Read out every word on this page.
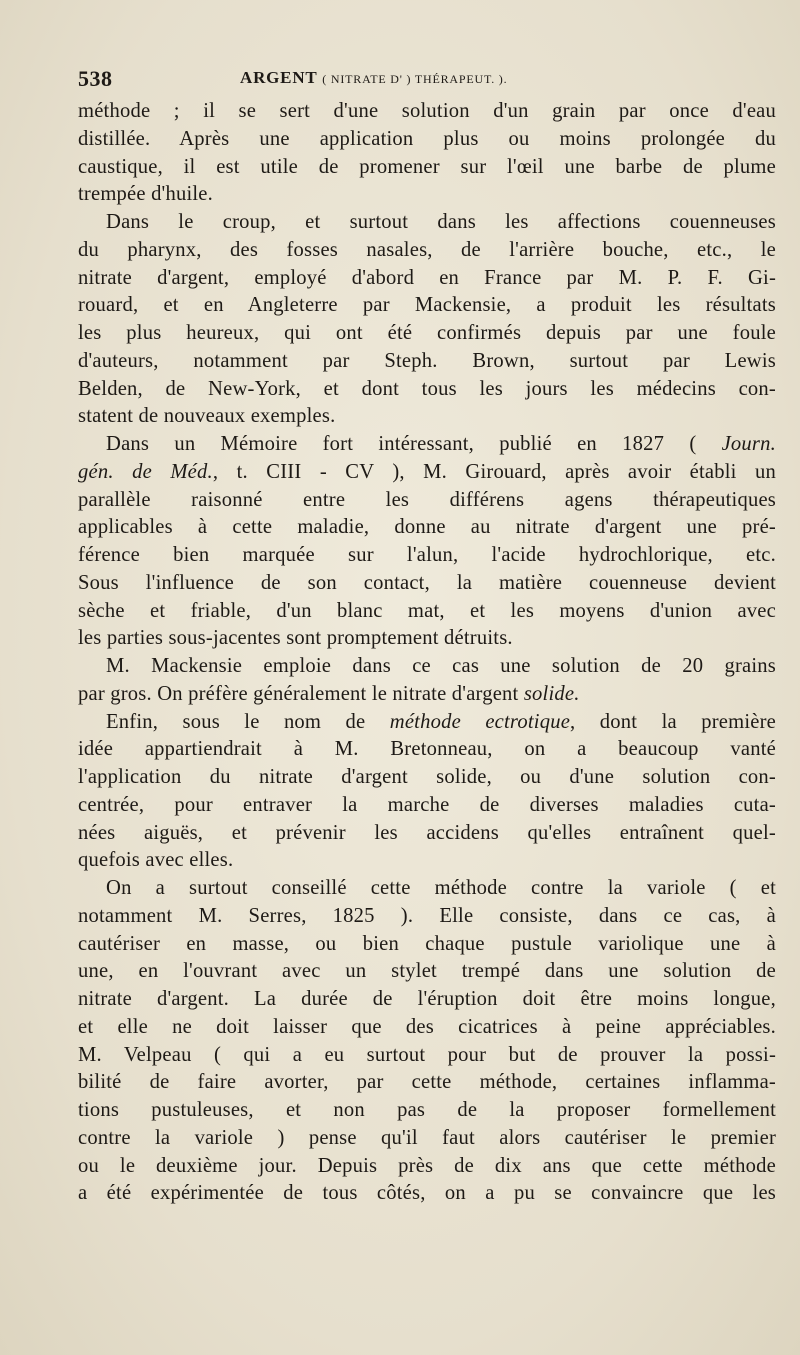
538	ARGENT ( NITRATE D' ) THÉRAPEUT. ).
méthode ; il se sert d'une solution d'un grain par once d'eau
distillée. Après une application plus ou moins prolongée du
caustique, il est utile de promener sur l'œil une barbe de plume
trempée d'huile.
Dans le croup, et surtout dans les affections couenneuses
du pharynx, des fosses nasales, de l'arrière bouche, etc., le
nitrate d'argent, employé d'abord en France par M. P. F. Gi-
rouard, et en Angleterre par Mackensie, a produit les résultats
les plus heureux, qui ont été confirmés depuis par une foule
d'auteurs, notamment par Steph. Brown, surtout par Lewis
Belden, de New-York, et dont tous les jours les médecins con-
statent de nouveaux exemples.
Dans un Mémoire fort intéressant, publié en 1827 ( Journ.
gén. de Méd., t. CIII - CV ), M. Girouard, après avoir établi un
parallèle raisonné entre les différens agens thérapeutiques
applicables à cette maladie, donne au nitrate d'argent une pré-
férence bien marquée sur l'alun, l'acide hydrochlorique, etc.
Sous l'influence de son contact, la matière couenneuse devient
sèche et friable, d'un blanc mat, et les moyens d'union avec
les parties sous-jacentes sont promptement détruits.
M. Mackensie emploie dans ce cas une solution de 20 grains
par gros. On préfère généralement le nitrate d'argent solide.
Enfin, sous le nom de méthode ectrotique, dont la première
idée appartiendrait à M. Bretonneau, on a beaucoup vanté
l'application du nitrate d'argent solide, ou d'une solution con-
centrée, pour entraver la marche de diverses maladies cuta-
nées aiguës, et prévenir les accidens qu'elles entraînent quel-
quefois avec elles.
On a surtout conseillé cette méthode contre la variole ( et
notamment M. Serres, 1825 ). Elle consiste, dans ce cas, à
cautériser en masse, ou bien chaque pustule variolique une à
une, en l'ouvrant avec un stylet trempé dans une solution de
nitrate d'argent. La durée de l'éruption doit être moins longue,
et elle ne doit laisser que des cicatrices à peine appréciables.
M. Velpeau ( qui a eu surtout pour but de prouver la possi-
bilité de faire avorter, par cette méthode, certaines inflamma-
tions pustuleuses, et non pas de la proposer formellement
contre la variole ) pense qu'il faut alors cautériser le premier
ou le deuxième jour. Depuis près de dix ans que cette méthode
a été expérimentée de tous côtés, on a pu se convaincre que les
